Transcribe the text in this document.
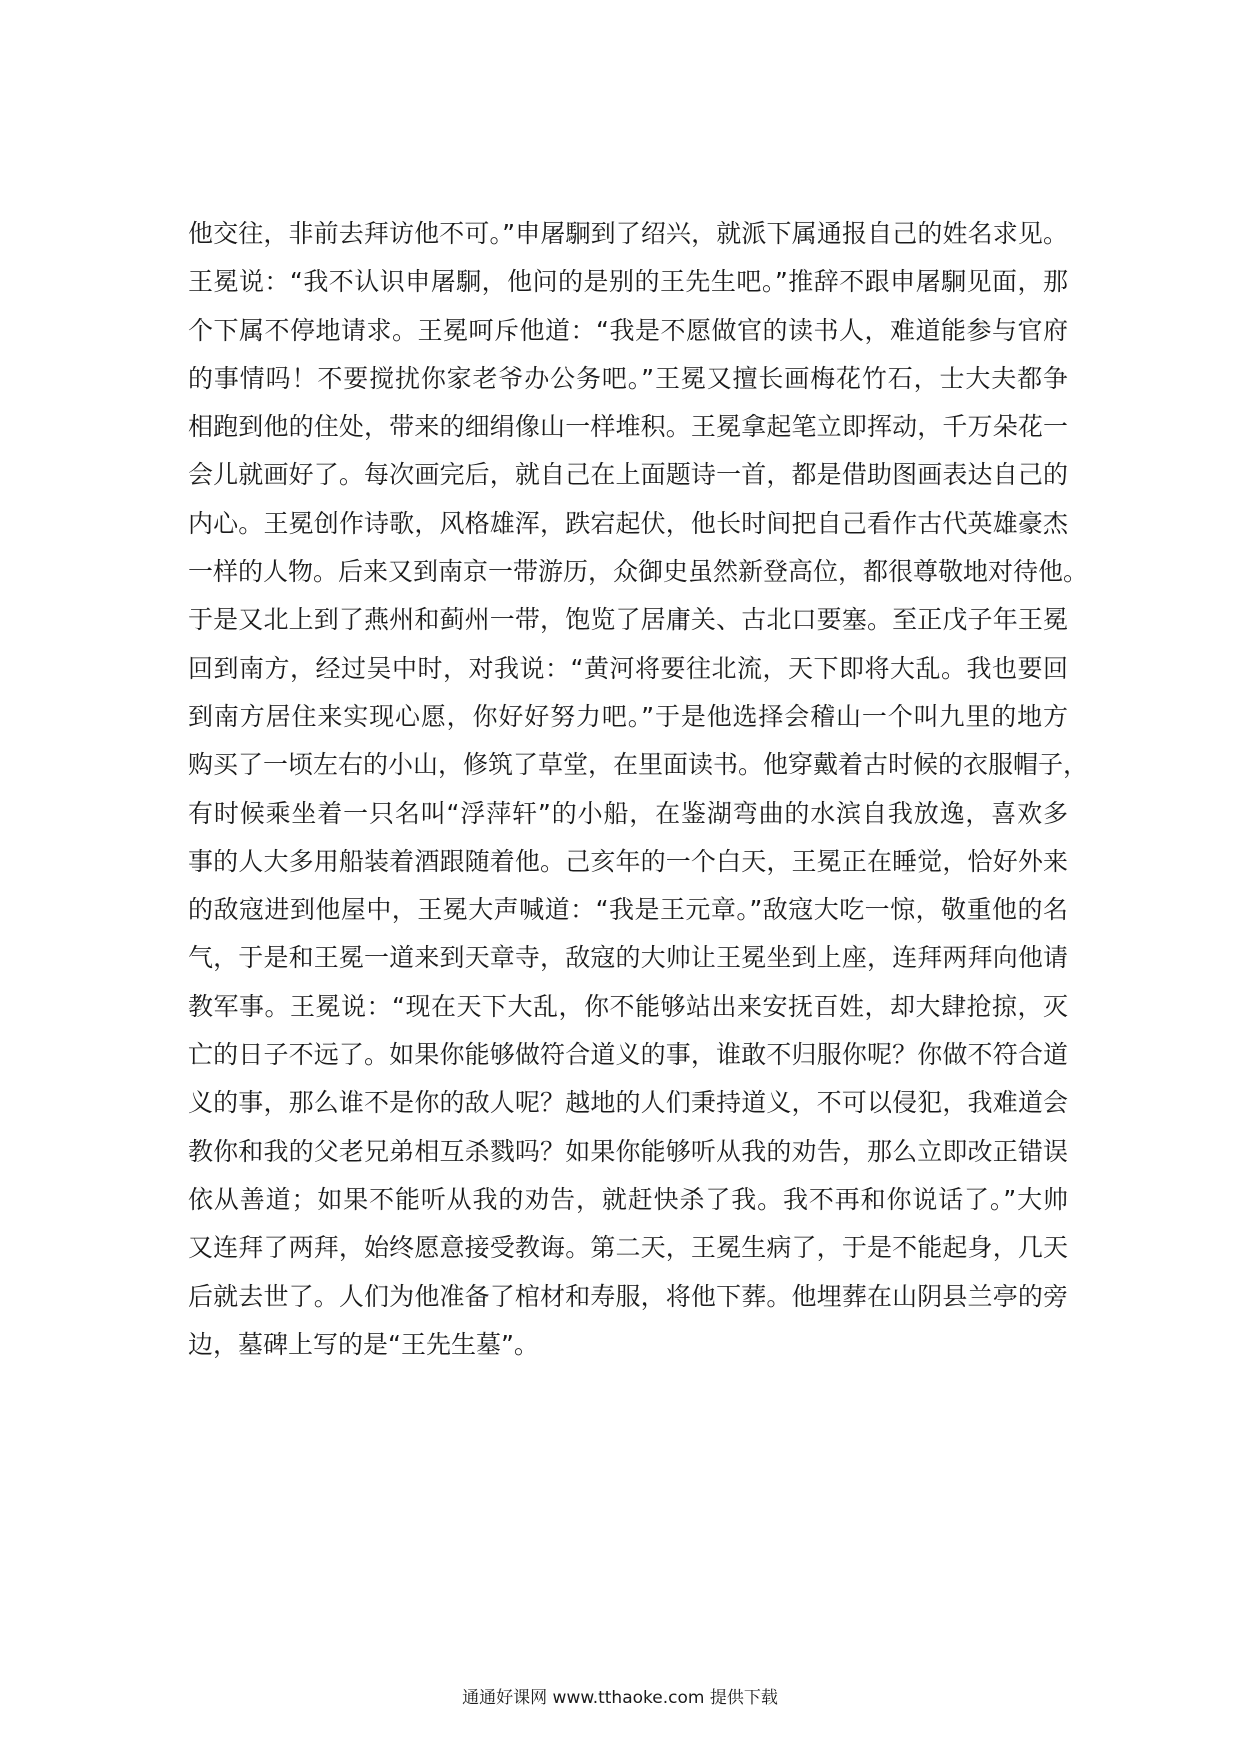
他交往，非前去拜访他不可。”申屠駉到了绍兴，就派下属通报自己的姓名求见。
王冕说：“我不认识申屠駉，他问的是别的王先生吧。”推辞不跟申屠駉见面，那
个下属不停地请求。王冕呵斥他道：“我是不愿做官的读书人，难道能参与官府
的事情吗！不要搅扰你家老爷办公务吧。”王冕又擅长画梅花竹石，士大夫都争
相跑到他的住处，带来的细绢像山一样堆积。王冕拿起笔立即挥动，千万朵花一
会儿就画好了。每次画完后，就自己在上面题诗一首，都是借助图画表达自己的
内心。王冕创作诗歌，风格雄浑，跌宕起伏，他长时间把自己看作古代英雄豪杰
一样的人物。后来又到南京一带游历，众御史虽然新登高位，都很尊敬地对待他。
于是又北上到了燕州和蓟州一带，饱览了居庸关、古北口要塞。至正戊子年王冕
回到南方，经过吴中时，对我说：“黄河将要往北流，天下即将大乱。我也要回
到南方居住来实现心愿，你好好努力吧。”于是他选择会稽山一个叫九里的地方
购买了一顷左右的小山，修筑了草堂，在里面读书。他穿戴着古时候的衣服帽子，
有时候乘坐着一只名叫“浮萍轩”的小船，在鉴湖弯曲的水滨自我放逸，喜欢多
事的人大多用船装着酒跟随着他。己亥年的一个白天，王冕正在睡觉，恰好外来
的敌寇进到他屋中，王冕大声喊道：“我是王元章。”敌寇大吃一惊，敬重他的名
气，于是和王冕一道来到天章寺，敌寇的大帅让王冕坐到上座，连拜两拜向他请
教军事。王冕说：“现在天下大乱，你不能够站出来安抚百姓，却大肆抢掠，灭
亡的日子不远了。如果你能够做符合道义的事，谁敢不归服你呢？你做不符合道
义的事，那么谁不是你的敌人呢？越地的人们秉持道义，不可以侵犯，我难道会
教你和我的父老兄弟相互杀戮吗？如果你能够听从我的劝告，那么立即改正错误
依从善道；如果不能听从我的劝告，就赶快杀了我。我不再和你说话了。”大帅
又连拜了两拜，始终愿意接受教诲。第二天，王冕生病了，于是不能起身，几天
后就去世了。人们为他准备了棺材和寿服，将他下葬。他埋葬在山阴县兰亭的旁
边，墓碑上写的是“王先生墓”。
通通好课网 www.tthaoke.com 提供下载
